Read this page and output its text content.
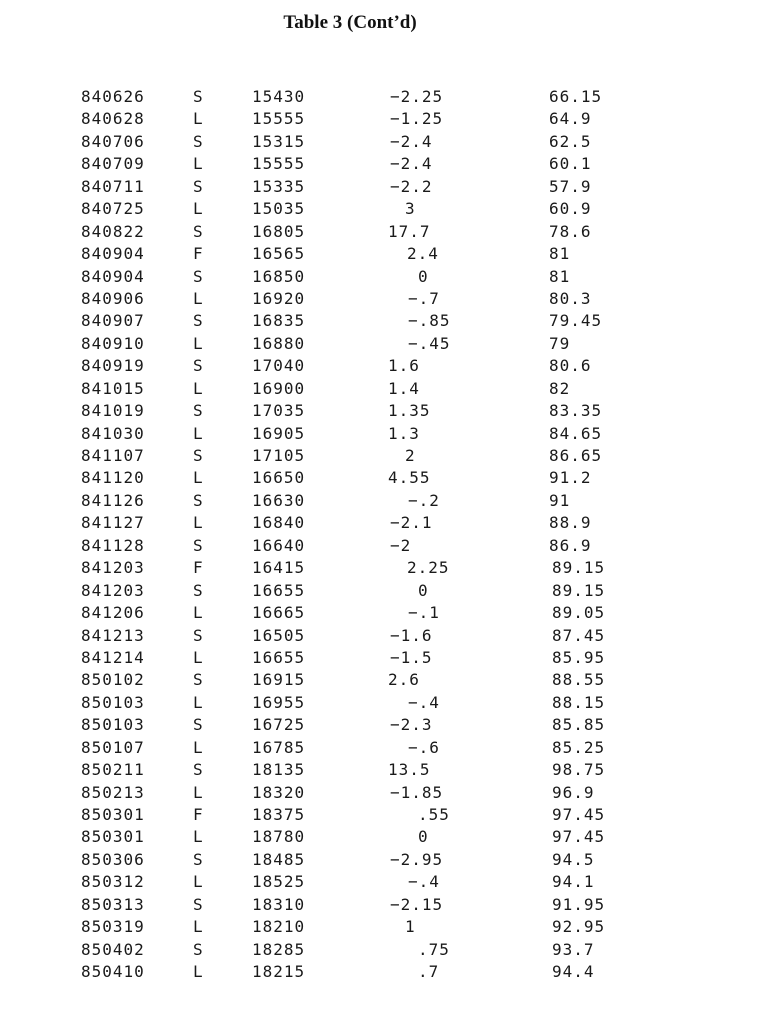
Table 3 (Cont’d)
840626	S	15430	−2.25	66.15
840628	L	15555	−1.25	64.9
840706	S	15315	−2.4	62.5
840709	L	15555	−2.4	60.1
840711	S	15335	−2.2	57.9
840725	L	15035	3	60.9
840822	S	16805	17.7	78.6
840904	F	16565	2.4	81
840904	S	16850	0	81
840906	L	16920	−.7	80.3
840907	S	16835	−.85	79.45
840910	L	16880	−.45	79
840919	S	17040	1.6	80.6
841015	L	16900	1.4	82
841019	S	17035	1.35	83.35
841030	L	16905	1.3	84.65
841107	S	17105	2	86.65
841120	L	16650	4.55	91.2
841126	S	16630	−.2	91
841127	L	16840	−2.1	88.9
841128	S	16640	−2	86.9
841203	F	16415	2.25	89.15
841203	S	16655	0	89.15
841206	L	16665	−.1	89.05
841213	S	16505	−1.6	87.45
841214	L	16655	−1.5	85.95
850102	S	16915	2.6	88.55
850103	L	16955	−.4	88.15
850103	S	16725	−2.3	85.85
850107	L	16785	−.6	85.25
850211	S	18135	13.5	98.75
850213	L	18320	−1.85	96.9
850301	F	18375	.55	97.45
850301	L	18780	0	97.45
850306	S	18485	−2.95	94.5
850312	L	18525	−.4	94.1
850313	S	18310	−2.15	91.95
850319	L	18210	1	92.95
850402	S	18285	.75	93.7
850410	L	18215	.7	94.4
